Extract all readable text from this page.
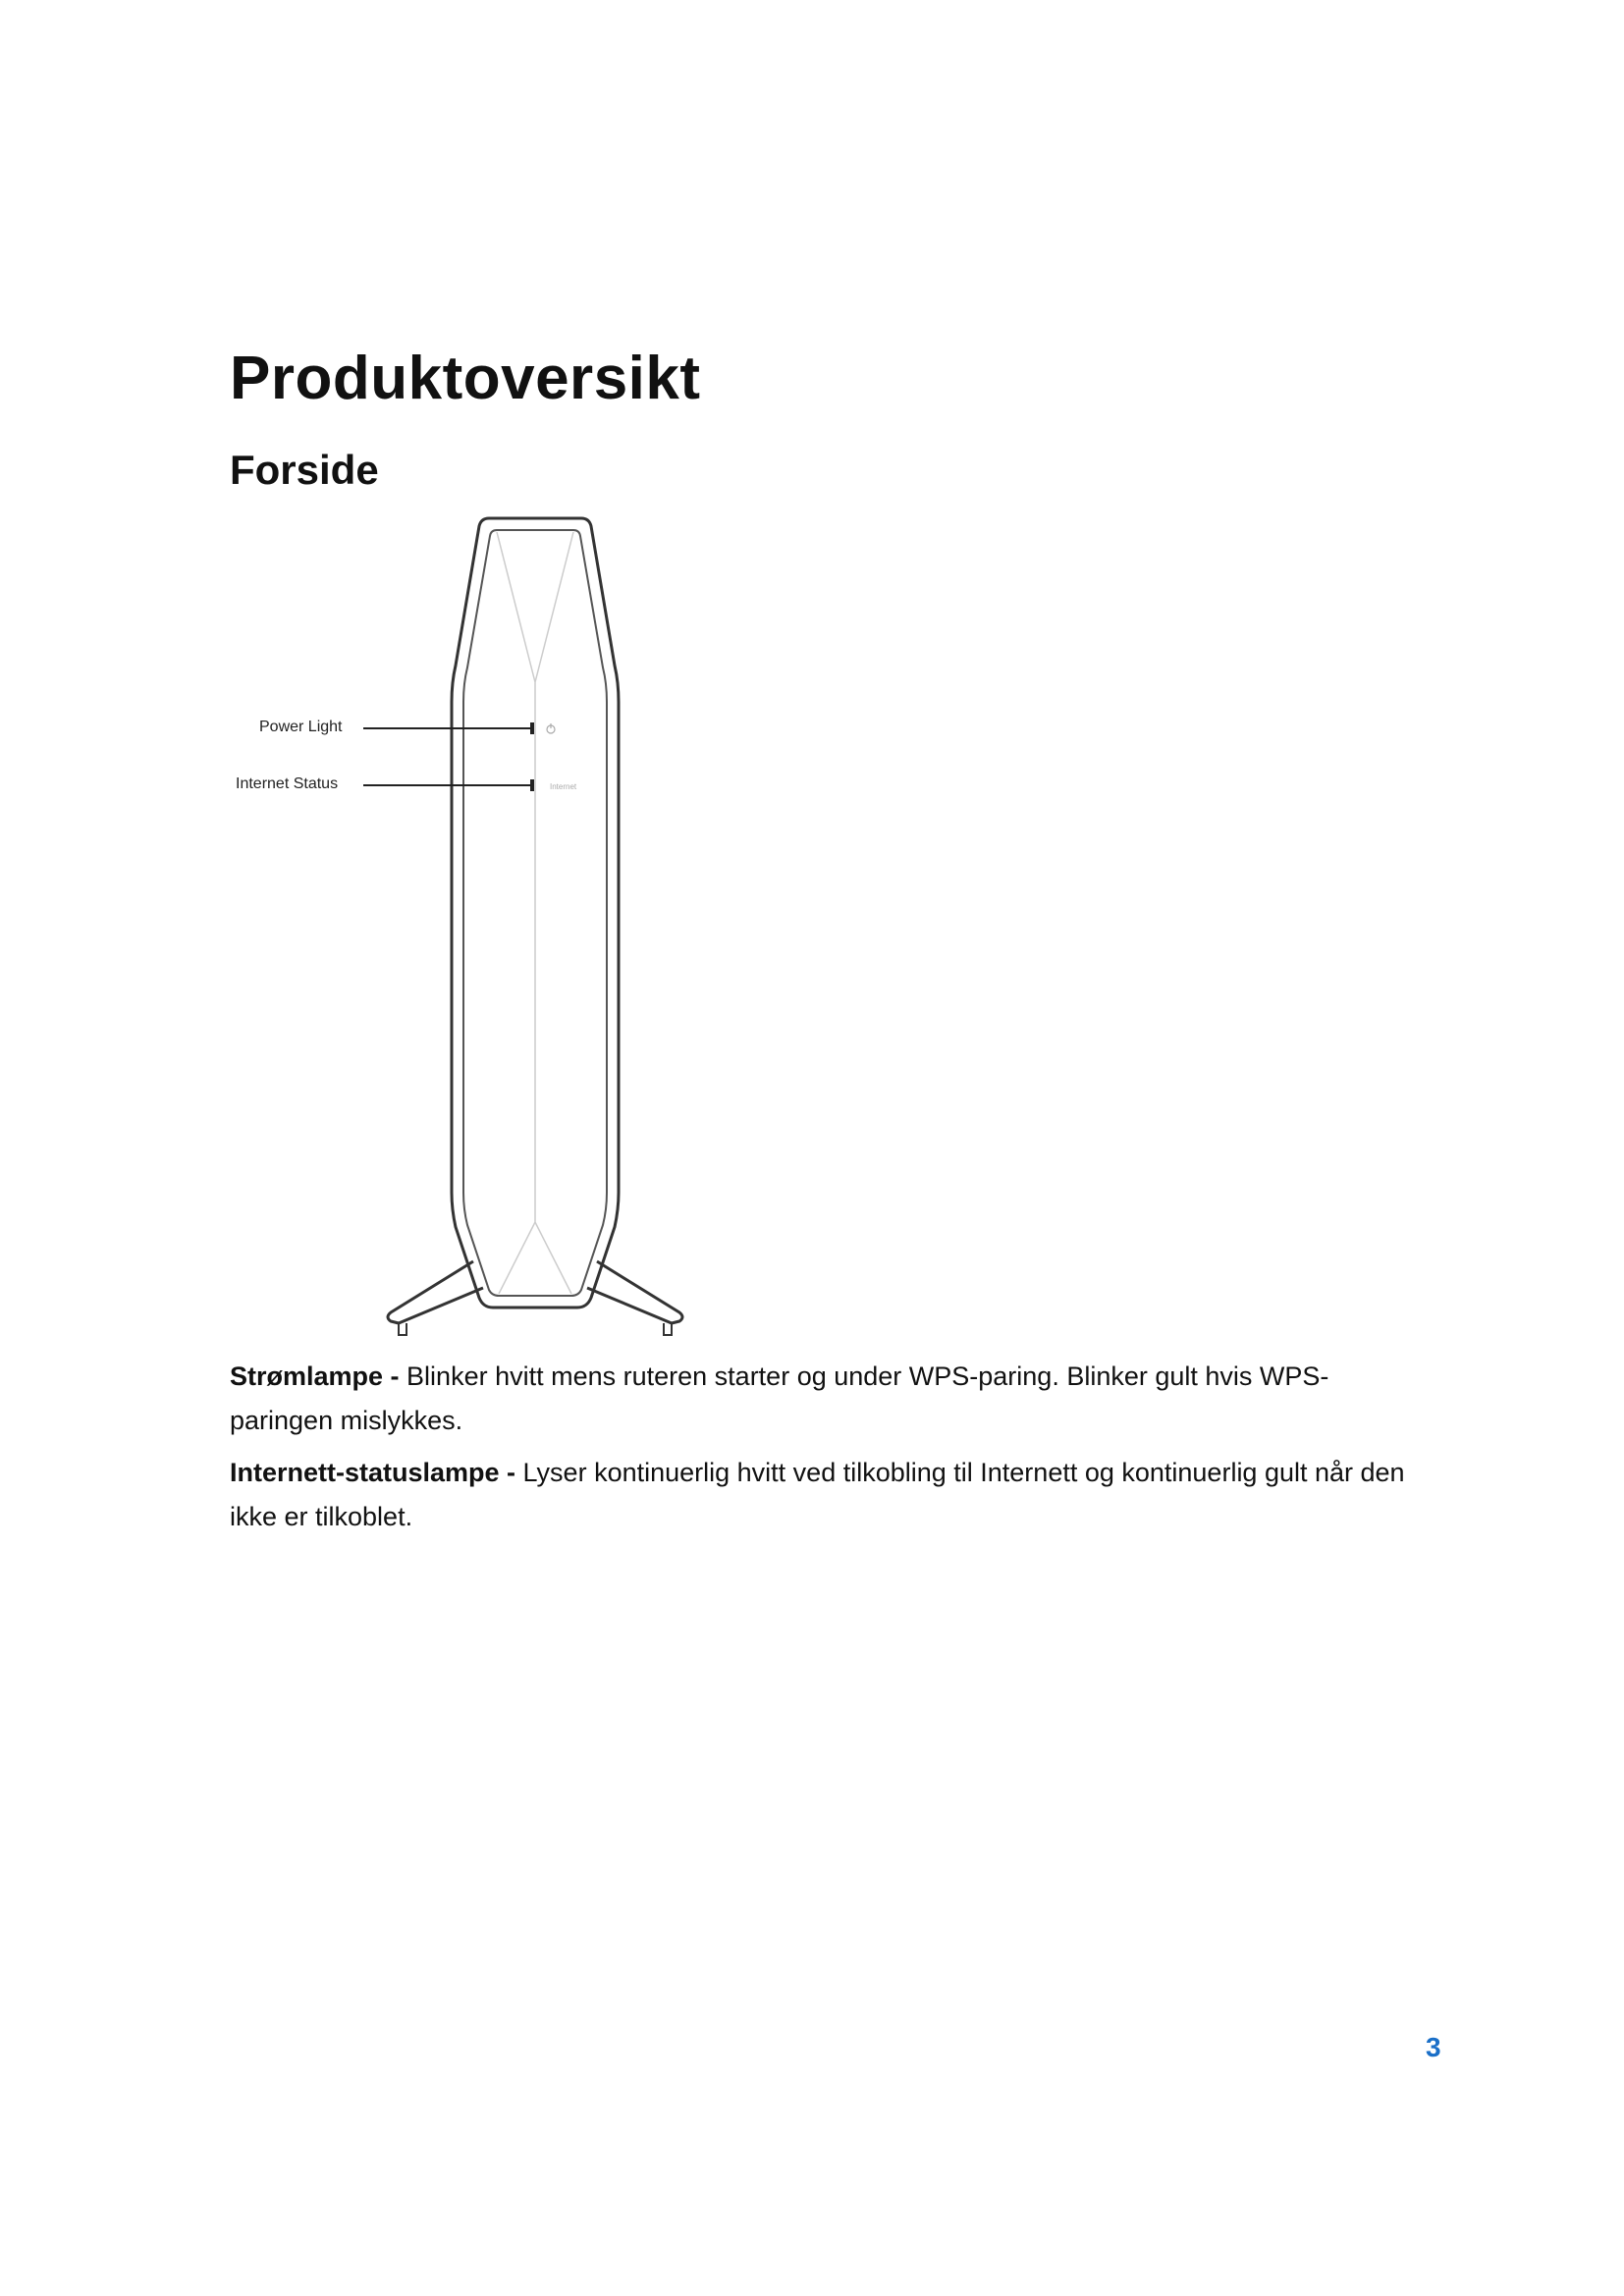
Produktoversikt
Forside
Internet
Power Light
Internet Status

Strømlampe - Blinker hvitt mens ruteren starter og under WPS-paring. Blinker gult hvis WPS-paringen mislykkes.

Internett-statuslampe - Lyser kontinuerlig hvitt ved tilkobling til Internett og kontinuerlig gult når den ikke er tilkoblet.

3
